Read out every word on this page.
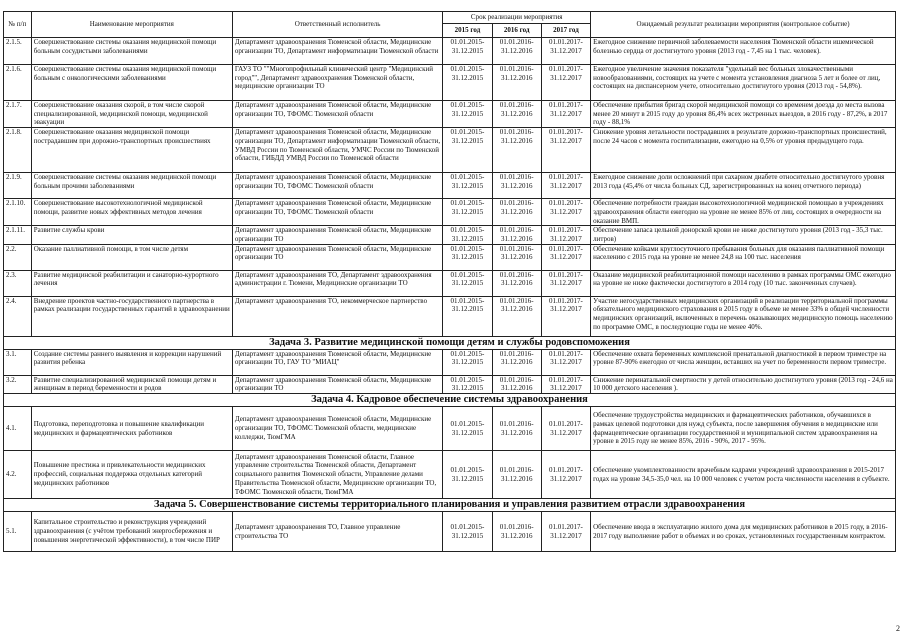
№ п/п	Наименование мероприятия	Ответственный исполнитель	Срок реализации мероприятия			Ожидаемый результат реализации мероприятия (контрольное событие)
			2015 год	2016 год	2017 год	
2.1.5.	Совершенствование системы оказания медицинской помощи больным сосудистыми заболеваниями	Департамент здравоохранения Тюменской области, Медицинские организации ТО, Департамент информатизации Тюменской области	01.01.2015-31.12.2015	01.01.2016-31.12.2016	01.01.2017-31.12.2017	Ежегодное снижение первичной заболеваемости населения Тюменской области ишемической болезнью сердца от достигнутого уровня (2013 год - 7,45 на 1 тыс. человек).
2.1.6.	Совершенствование системы оказания медицинской помощи больным с онкологическими заболеваниями	ГАУЗ ТО ""Многопрофильный клинический центр "Медицинский город"", Департамент здравоохранения Тюменской области, медицинские организации ТО	01.01.2015-31.12.2015	01.01.2016-31.12.2016	01.01.2017-31.12.2017	Ежегодное увеличение значения показателя "удельный вес больных злокачественными новообразованиями, состоящих на учете с момента установления диагноза 5 лет и более от лиц, состоящих на диспансерном учете, относительно достигнутого уровня (2013 год - 54,8%).
2.1.7.	Совершенствование оказания скорой, в том числе скорой специализированной, медицинской помощи, медицинской эвакуации	Департамент здравоохранения Тюменской области, Медицинские организации ТО, ТФОМС Тюменской области	01.01.2015-31.12.2015	01.01.2016-31.12.2016	01.01.2017-31.12.2017	Обеспечение прибытия бригад скорой медицинской помощи со временем доезда до места вызова менее 20 минут в 2015 году до уровня 86,4% всех экстренных выездов, в 2016 году - 87,2%, в 2017 году - 88,1%
2.1.8.	Совершенствование оказания медицинской помощи пострадавшим при дорожно-транспортных происшествиях	Департамент здравоохранения Тюменской области, Медицинские организации ТО, Департамент информатизации Тюменской области, УМВД России по Тюменской области, УМЧС России по Тюменской области, ГИБДД УМВД России по Тюменской области	01.01.2015-31.12.2015	01.01.2016-31.12.2016	01.01.2017-31.12.2017	Снижение уровня летальности пострадавших в результате дорожно-транспортных происшествий, после 24 часов с момента госпитализации, ежегодно на 0,5% от уровня предыдущего года.
2.1.9.	Совершенствование системы оказания медицинской помощи больным прочими заболеваниями	Департамент здравоохранения Тюменской области, Медицинские организации ТО, ТФОМС Тюменской области	01.01.2015-31.12.2015	01.01.2016-31.12.2016	01.01.2017-31.12.2017	Ежегодное снижение доли осложнений при сахарном диабете относительно достигнутого уровня 2013 года (45,4% от числа больных СД, зарегистрированных на конец отчетного периода)
2.1.10.	Совершенствование высокотехнологичной медицинской помощи, развитие новых эффективных методов лечения	Департамент здравоохранения Тюменской области, Медицинские организации ТО, ТФОМС Тюменской области	01.01.2015-31.12.2015	01.01.2016-31.12.2016	01.01.2017-31.12.2017	Обеспечение потребности граждан высокотехнологичной медицинской помощью в учреждениях здравоохранения области ежегодно на уровне не менее 85% от лиц, состоящих в очередности на оказание ВМП.
2.1.11.	Развитие службы крови	Департамент здравоохранения Тюменской области, Медицинские организации ТО	01.01.2015-31.12.2015	01.01.2016-31.12.2016	01.01.2017-31.12.2017	Обеспечение запаса цельной донорской крови не ниже достигнутого уровня (2013 год - 35,3 тыс. литров)
2.2.	Оказание паллиативной помощи, в том числе детям	Департамент здравоохранения Тюменской области, Медицинские организации ТО	01.01.2015-31.12.2015	01.01.2016-31.12.2016	01.01.2017-31.12.2017	Обеспечение койками круглосуточного пребывания больных для оказания паллиативной помощи населению с 2015 года на уровне не менее 24,8 на 100 тыс. населения
2.3.	Развитие медицинской реабилитации и санаторно-курортного лечения	Департамент здравоохранения ТО, Департамент здравоохранения администрации г. Тюмени, Медицинские организации ТО	01.01.2015-31.12.2015	01.01.2016-31.12.2016	01.01.2017-31.12.2017	Оказание медицинской реабилитационной помощи населению в рамках программы ОМС ежегодно на уровне не ниже фактически достигнутого в 2014 году (10 тыс. законченных случаев).
2.4.	Внедрение проектов частно-государственного партнерства в рамках реализации государственных гарантий в здравоохранении	Департамент здравоохранения ТО, некоммерческое партнерство	01.01.2015-31.12.2015	01.01.2016-31.12.2016	01.01.2017-31.12.2017	Участие негосударственных медицинских организаций в реализации территориальной программы обязательного медицинского страхования в 2015 году в объеме не менее 33% в общей численности медицинских организаций, включенных в перечень оказывающих медицинскую помощь населению по программе ОМС, в последующие годы не менее 40%.
Задача 3. Развитие медицинской помощи детям и службы родовспоможения						
3.1.	Создание системы раннего выявления и коррекции нарушений развития ребенка	Департамент здравоохранения Тюменской области, Медицинские организации ТО, ГАУ ТО "МИАЦ"	01.01.2015-31.12.2015	01.01.2016-31.12.2016	01.01.2017-31.12.2017	Обеспечение охвата беременных комплексной пренатальной диагностикой в первом триместре на уровне 87-90% ежегодно от числа женщин, вставших на учет по беременности первом триместре.
3.2.	Развитие специализированной медицинской помощи детям и женщинам в период беременности и родов	Департамент здравоохранения Тюменской области, Медицинские организации ТО	01.01.2015-31.12.2015	01.01.2016-31.12.2016	01.01.2017-31.12.2017	Снижение перинатальной смертности у детей относительно достигнутого уровня (2013 год - 24,6 на 10 000 детского населения ).
Задача 4. Кадровое обеспечение системы здравоохранения						
4.1.	Подготовка, переподготовка и повышение квалификации медицинских и фармацевтических работников	Департамент здравоохранения Тюменской области, Медицинские организации ТО, ТФОМС Тюменской области, медицинские колледжи, ТюмГМА	01.01.2015-31.12.2015	01.01.2016-31.12.2016	01.01.2017-31.12.2017	Обеспечение трудоустройства медицинских и фармацевтических работников, обучавшихся в рамках целевой подготовки для нужд субъекта, после завершения обучения в медицинские или фармацевтические организации государственной и муниципальной систем здравоохранения на уровне в 2015 году не менее 85%, 2016 - 90%, 2017 - 95%.
4.2.	Повышение престижа и привлекательности медицинских профессий, социальная поддержка отдельных категорий медицинских работников	Департамент здравоохранения Тюменской области, Главное управление строительства Тюменской области, Департамент социального развития Тюменской области, Управление делами Правительства Тюменской области, Медицинские организации ТО, ТФОМС Тюменской области, ТюмГМА	01.01.2015-31.12.2015	01.01.2016-31.12.2016	01.01.2017-31.12.2017	Обеспечение укомплектованности врачебным кадрами учреждений здравоохранения в 2015-2017 годах на уровне 34,5-35,0 чел. на 10 000 человек с учетом роста численности населения в субъекте.
Задача 5. Совершенствование системы территориального планирования и управления развитием отрасли здравоохранения						
5.1.	Капитальное строительство и реконструкция учреждений здравоохранения (с учётом требований энергосбережения и повышения энергетической эффективности), в том числе ПИР	Департамент здравоохранения ТО, Главное управление строительства ТО	01.01.2015-31.12.2015	01.01.2016-31.12.2016	01.01.2017-31.12.2017	Обеспечение ввода в эксплуатацию жилого дома для медицинских работников в 2015 году, в 2016-2017 году выполнение работ в объемах и во сроках, установленных государственным контрактом.
2
